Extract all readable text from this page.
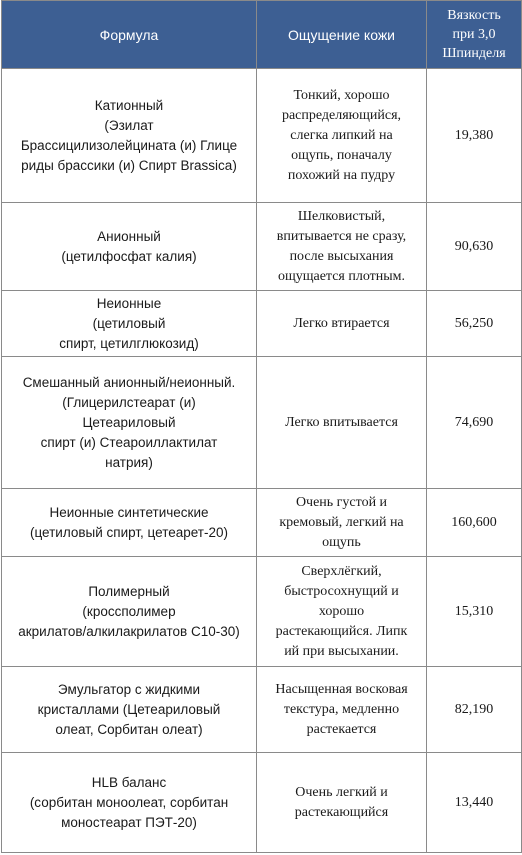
Формула	Ощущение кожи	Вязкость
при 3,0
Шпинделя

Катионный
(Эзилат
Брассицилизолейцината (и) Глице
риды брассики (и) Спирт Brassica)	Тонкий, хорошо
распределяющийся,
слегка липкий на
ощупь, поначалу
похожий на пудру	19,380

Анионный
(цетилфосфат калия)	Шелковистый,
впитывается не сразу,
после высыхания
ощущается плотным.	90,630

Неионные
(цетиловый
спирт, цетилглюкозид)	Легко втирается	56,250

Смешанный анионный/неионный.
(Глицерилстеарат (и)
Цетеариловый
спирт (и) Стеароиллактилат
натрия)	Легко впитывается	74,690

Неионные синтетические
(цетиловый спирт, цетеарет-20)	Очень густой и
кремовый, легкий на
ощупь	160,600

Полимерный
(кроссполимер
акрилатов/алкилакрилатов C10-30)	Сверхлёгкий,
быстросохнущий и
хорошо
растекающийся. Липк
ий при высыхании.	15,310

Эмульгатор с жидкими
кристаллами (Цетеариловый
олеат, Сорбитан олеат)	Насыщенная восковая
текстура, медленно
растекается	82,190

HLB баланс
(сорбитан моноолеат, сорбитан
моностеарат ПЭТ-20)	Очень легкий и
растекающийся	13,440
